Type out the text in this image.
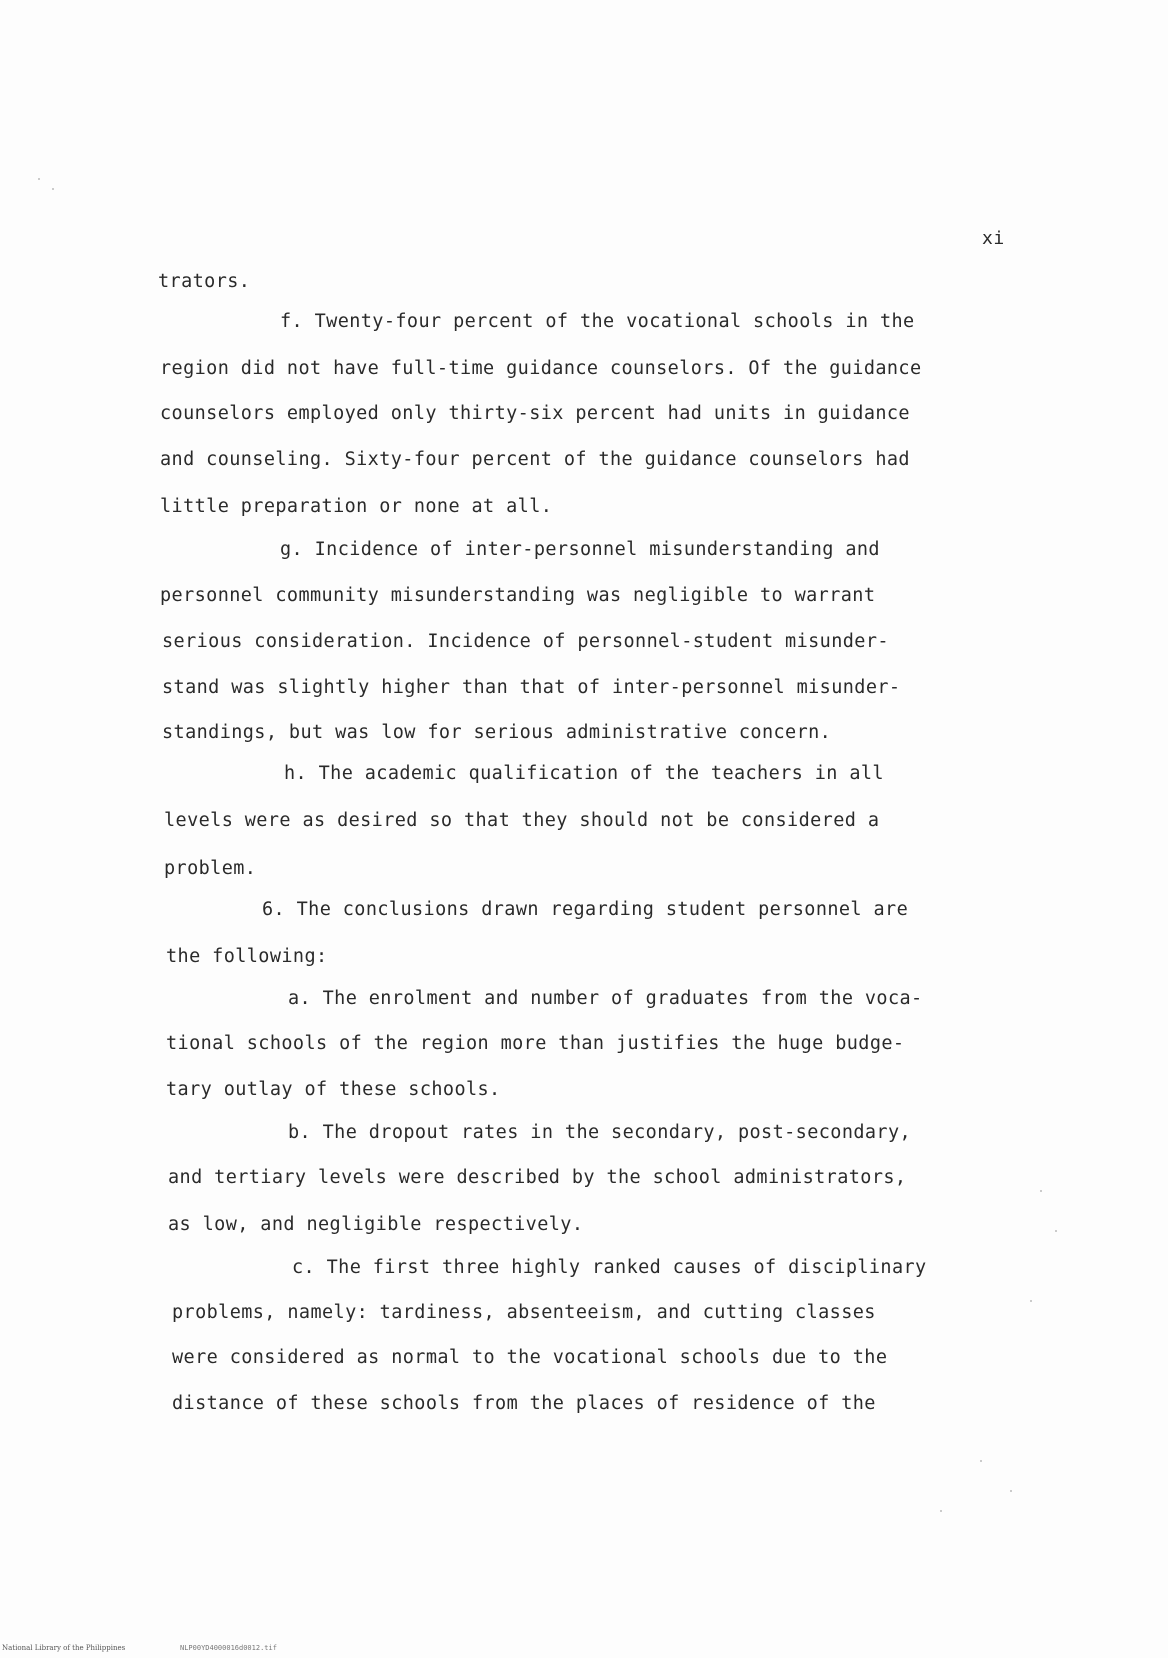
xi
trators.
f. Twenty-four percent of the vocational schools in the
region did not have full-time guidance counselors. Of the guidance
counselors employed only thirty-six percent had units in guidance
and counseling. Sixty-four percent of the guidance counselors had
little preparation or none at all.
g. Incidence of inter-personnel misunderstanding and
personnel community misunderstanding was negligible to warrant
serious consideration. Incidence of personnel-student misunder-
stand was slightly higher than that of inter-personnel misunder-
standings, but was low for serious administrative concern.
h. The academic qualification of the teachers in all
levels were as desired so that they should not be considered a
problem.
6. The conclusions drawn regarding student personnel are
the following:
a. The enrolment and number of graduates from the voca-
tional schools of the region more than justifies the huge budge-
tary outlay of these schools.
b. The dropout rates in the secondary, post-secondary,
and tertiary levels were described by the school administrators,
as low, and negligible respectively.
c. The first three highly ranked causes of disciplinary
problems, namely: tardiness, absenteeism, and cutting classes
were considered as normal to the vocational schools due to the
distance of these schools from the places of residence of the
National Library of the Philippines	NLP00YD4000016d0012.tif
